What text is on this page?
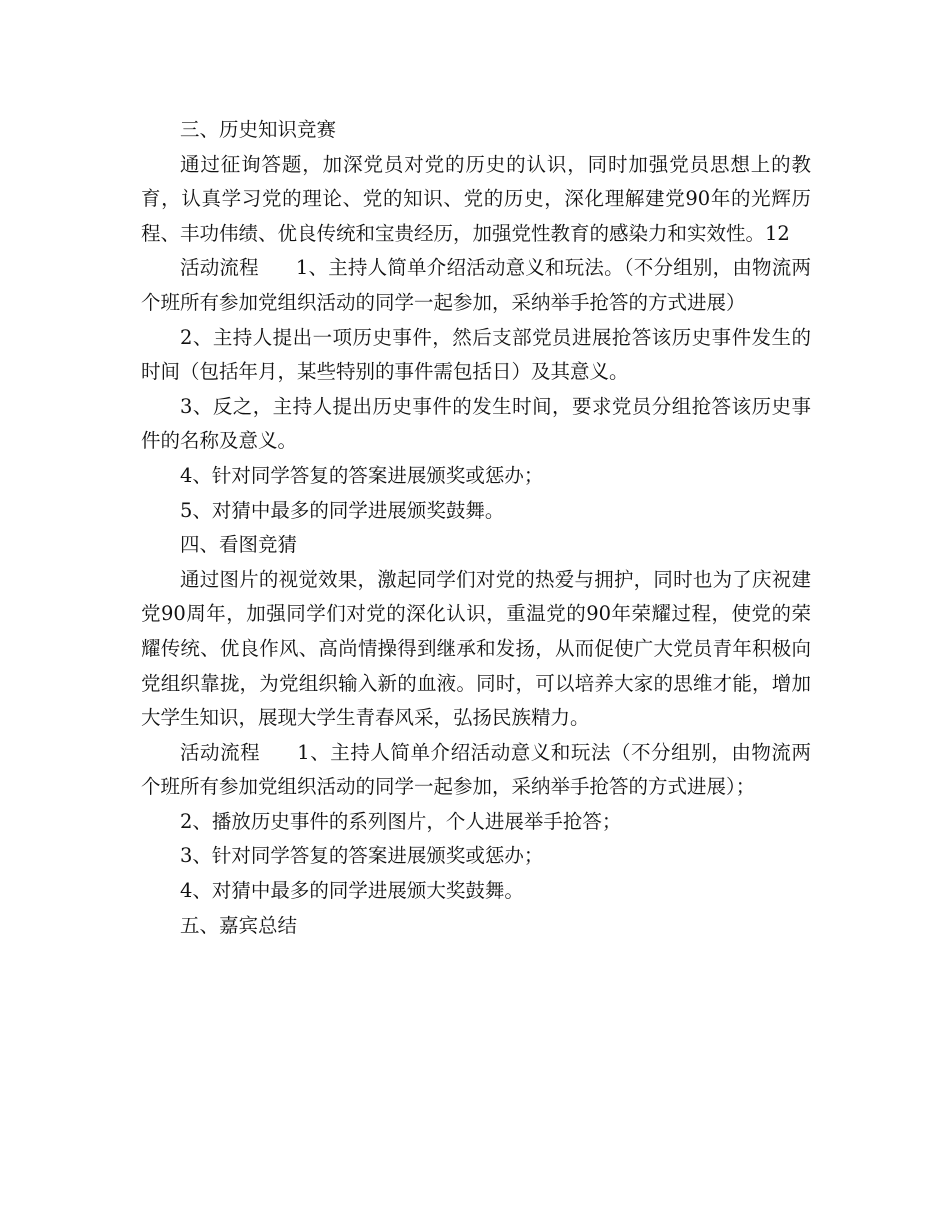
三、历史知识竞赛

通过征询答题，加深党员对党的历史的认识，同时加强党员思想上的教育，认真学习党的理论、党的知识、党的历史，深化理解建党90年的光辉历程、丰功伟绩、优良传统和宝贵经历，加强党性教育的感染力和实效性。12

活动流程 1、主持人简单介绍活动意义和玩法。（不分组别，由物流两个班所有参加党组织活动的同学一起参加，采纳举手抢答的方式进展）

2、主持人提出一项历史事件，然后支部党员进展抢答该历史事件发生的时间（包括年月，某些特别的事件需包括日）及其意义。

3、反之，主持人提出历史事件的发生时间，要求党员分组抢答该历史事件的名称及意义。

4、针对同学答复的答案进展颁奖或惩办；

5、对猜中最多的同学进展颁奖鼓舞。

四、看图竞猜

通过图片的视觉效果，激起同学们对党的热爱与拥护，同时也为了庆祝建党90周年，加强同学们对党的深化认识，重温党的90年荣耀过程，使党的荣耀传统、优良作风、高尚情操得到继承和发扬，从而促使广大党员青年积极向党组织靠拢，为党组织输入新的血液。同时，可以培养大家的思维才能，增加大学生知识，展现大学生青春风采，弘扬民族精力。

活动流程 1、主持人简单介绍活动意义和玩法（不分组别，由物流两个班所有参加党组织活动的同学一起参加，采纳举手抢答的方式进展）；

2、播放历史事件的系列图片，个人进展举手抢答；

3、针对同学答复的答案进展颁奖或惩办；

4、对猜中最多的同学进展颁大奖鼓舞。

五、嘉宾总结
